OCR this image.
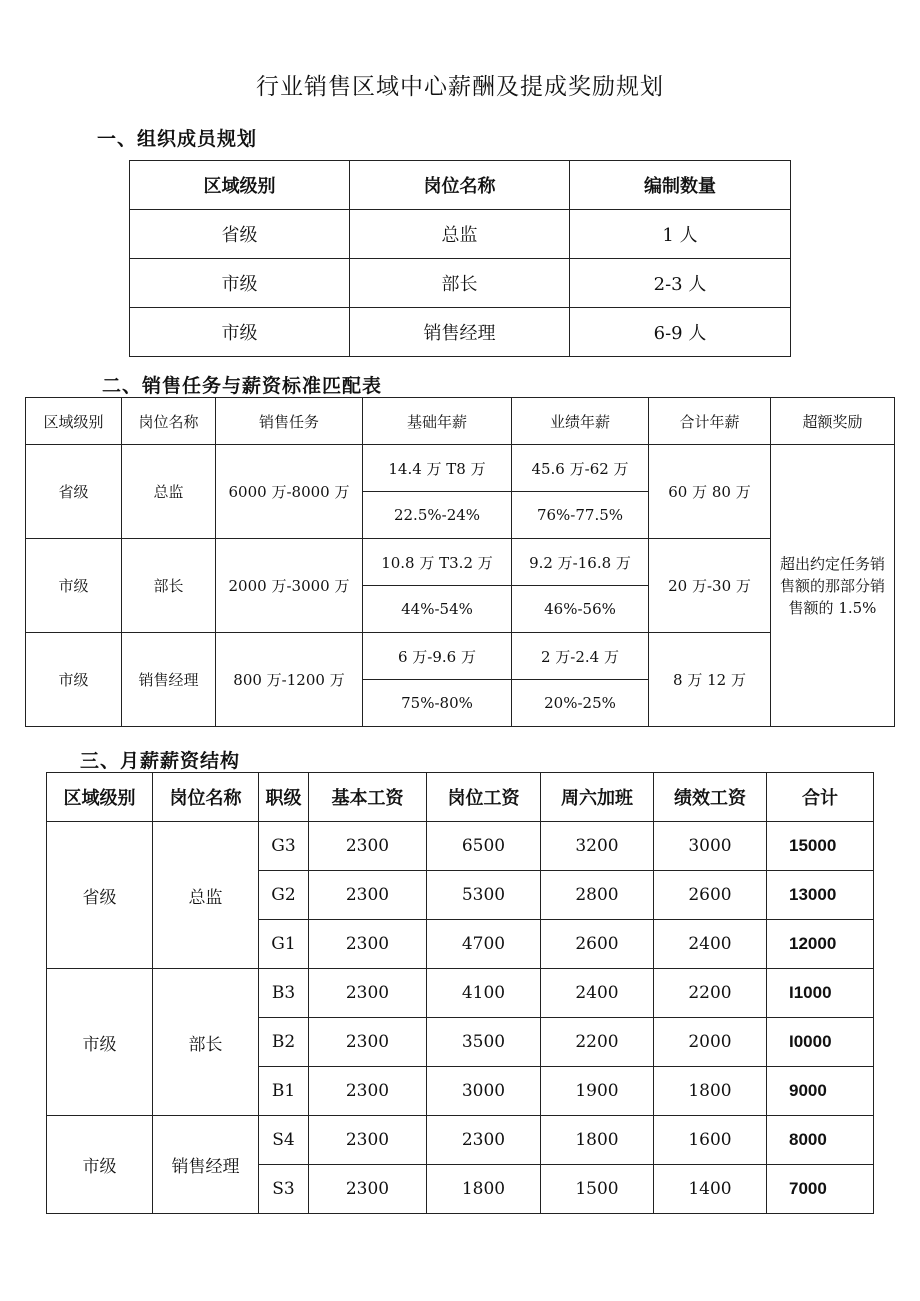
行业销售区域中心薪酬及提成奖励规划
一、组织成员规划
区域级别	岗位名称	编制数量
省级	总监	1 人
市级	部长	2-3 人
市级	销售经理	6-9 人
二、销售任务与薪资标准匹配表
区域级别	岗位名称	销售任务	基础年薪	业绩年薪	合计年薪	超额奖励
省级	总监	6000 万-8000 万	14.4 万 T8 万	45.6 万-62 万	60 万 80 万	超出约定任务销售额的那部分销售额的 1.5%
			22.5%-24%	76%-77.5%		
市级	部长	2000 万-3000 万	10.8 万 T3.2 万	9.2 万-16.8 万	20 万-30 万	
			44%-54%	46%-56%		
市级	销售经理	800 万-1200 万	6 万-9.6 万	2 万-2.4 万	8 万 12 万	
			75%-80%	20%-25%		
三、月薪薪资结构
区域级别	岗位名称	职级	基本工资	岗位工资	周六加班	绩效工资	合计
省级	总监	G3	2300	6500	3200	3000	15000
		G2	2300	5300	2800	2600	13000
		G1	2300	4700	2600	2400	12000
市级	部长	B3	2300	4100	2400	2200	I1000
		B2	2300	3500	2200	2000	I0000
		B1	2300	3000	1900	1800	9000
市级	销售经理	S4	2300	2300	1800	1600	8000
		S3	2300	1800	1500	1400	7000
